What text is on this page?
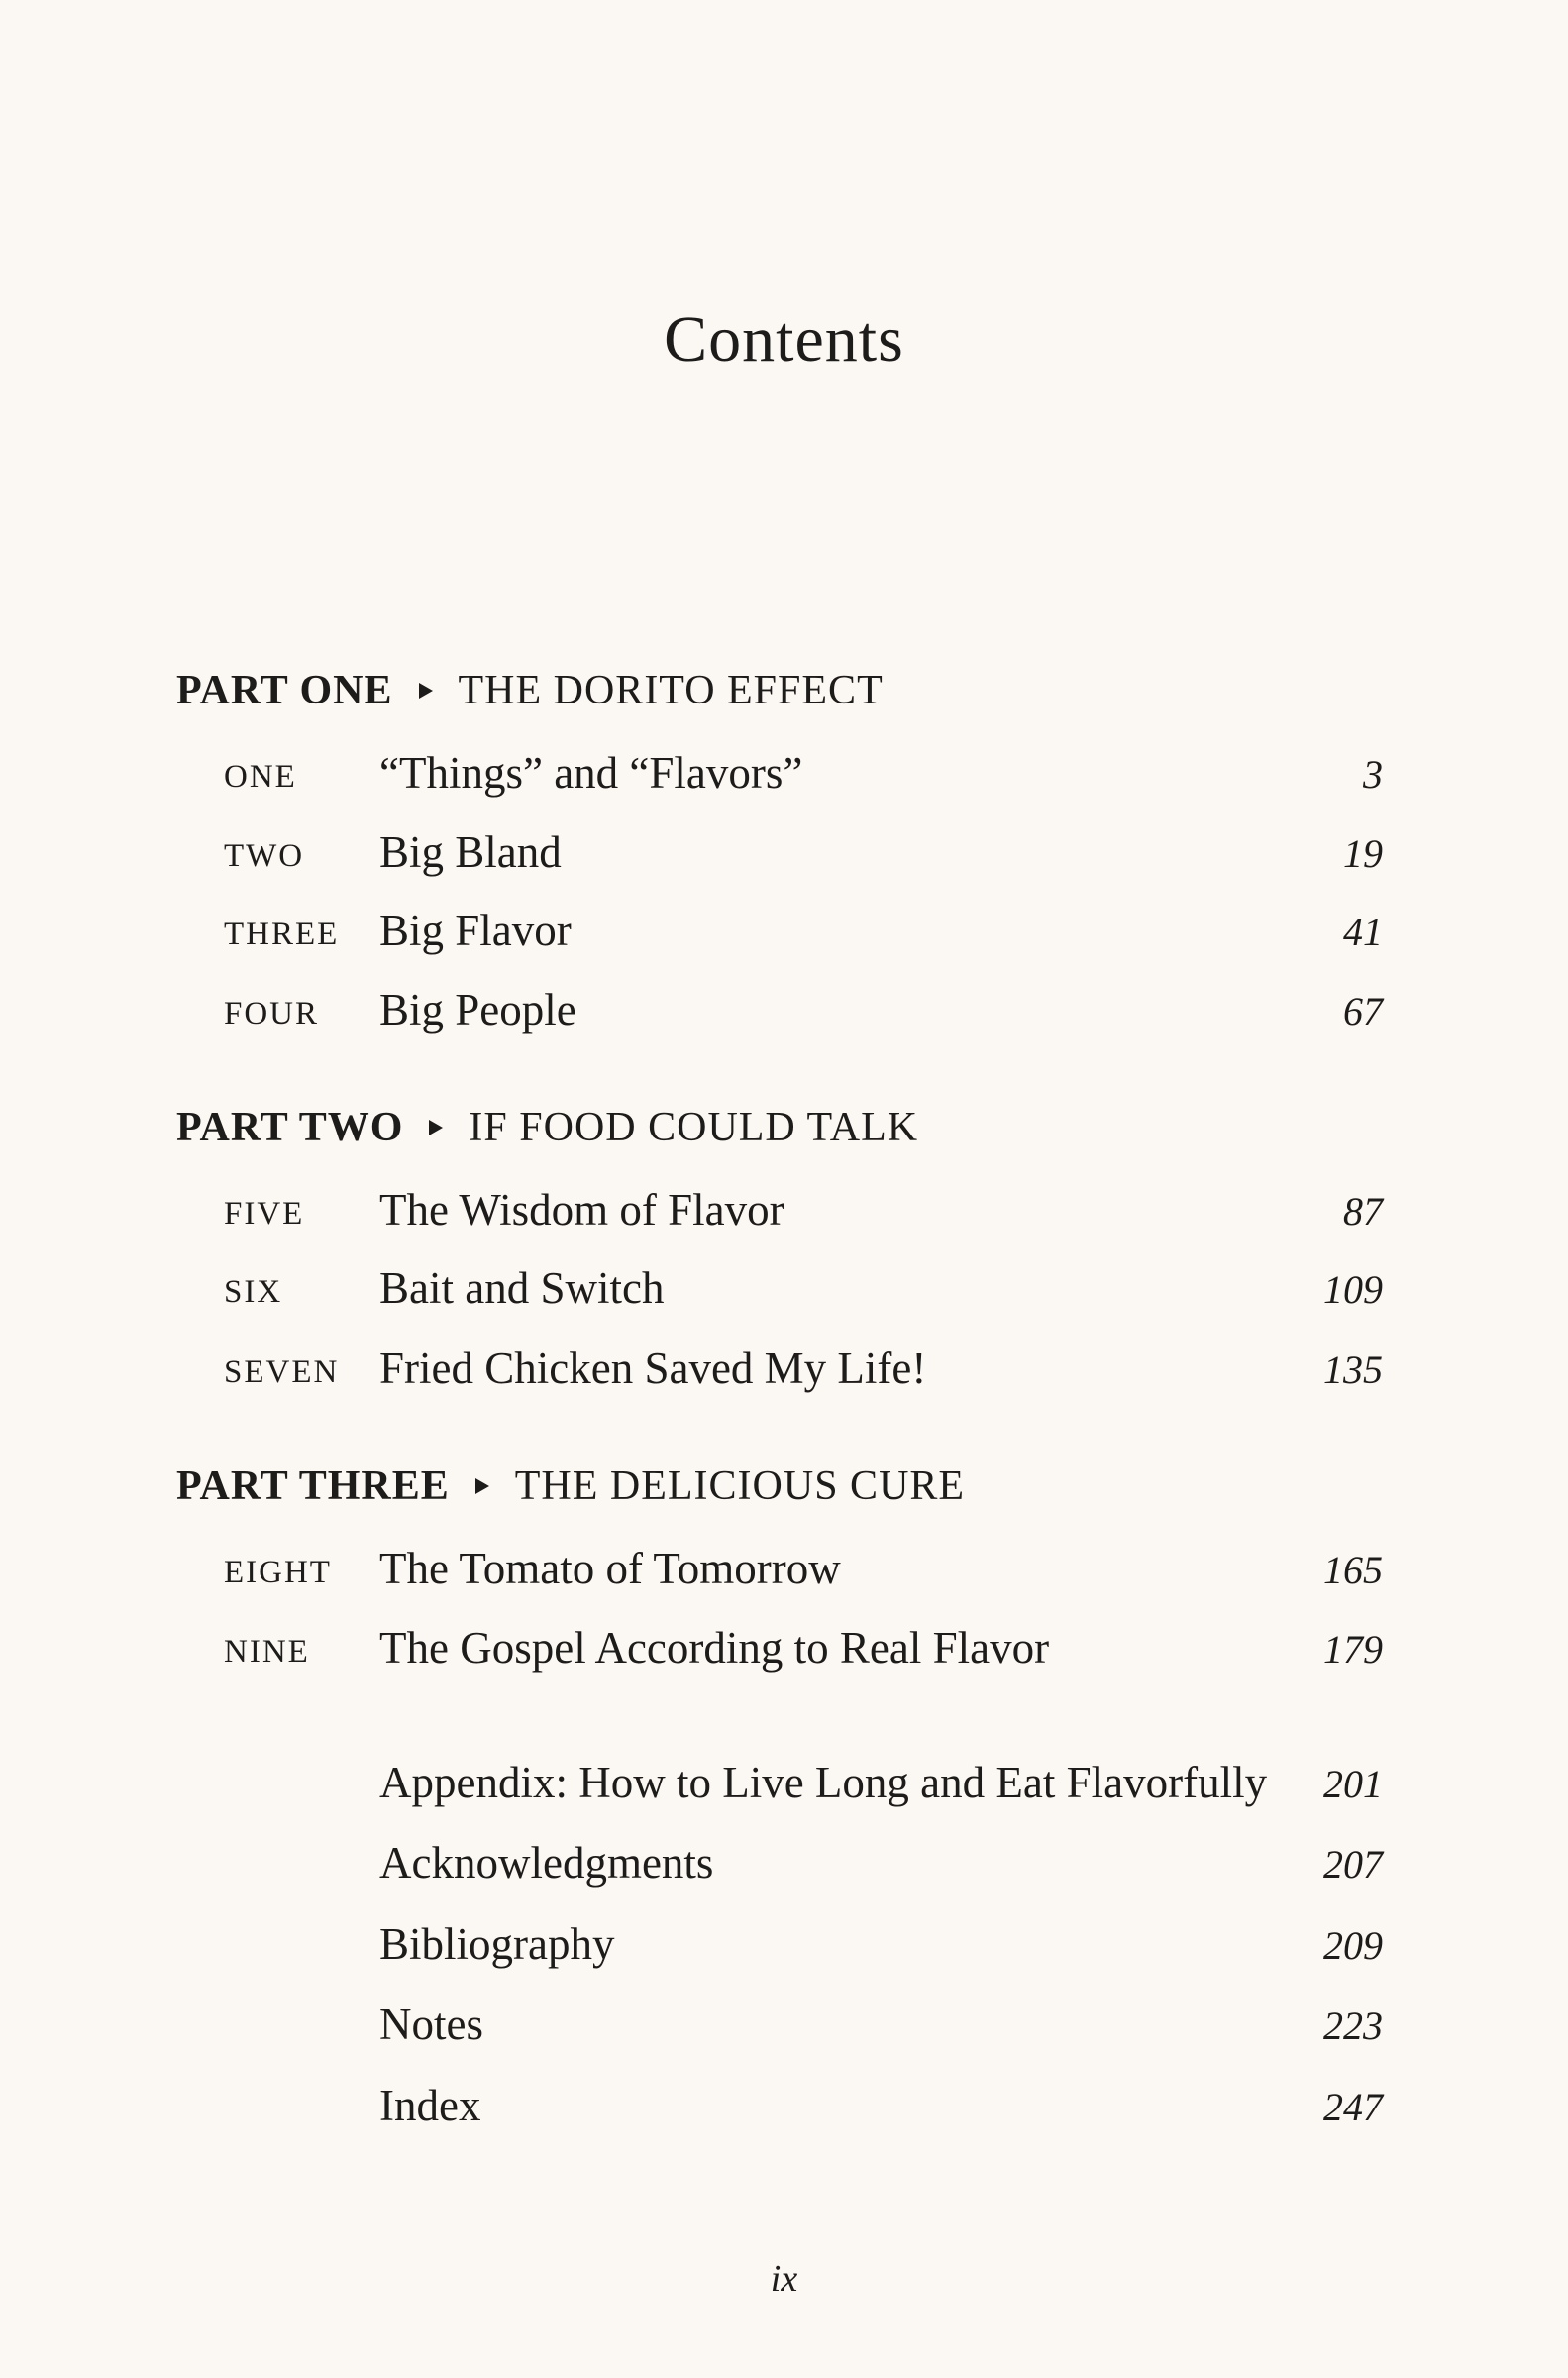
Contents
PART ONE THE DORITO EFFECT
ONE “Things” and “Flavors”	3
TWO Big Bland	19
THREE Big Flavor	41
FOUR Big People	67
PART TWO IF FOOD COULD TALK
FIVE The Wisdom of Flavor	87
SIX Bait and Switch	109
SEVEN Fried Chicken Saved My Life!	135
PART THREE THE DELICIOUS CURE
EIGHT The Tomato of Tomorrow	165
NINE The Gospel According to Real Flavor	179
Appendix: How to Live Long and Eat Flavorfully 201
Acknowledgments	207
Bibliography	209
Notes	223
Index	247
ix
